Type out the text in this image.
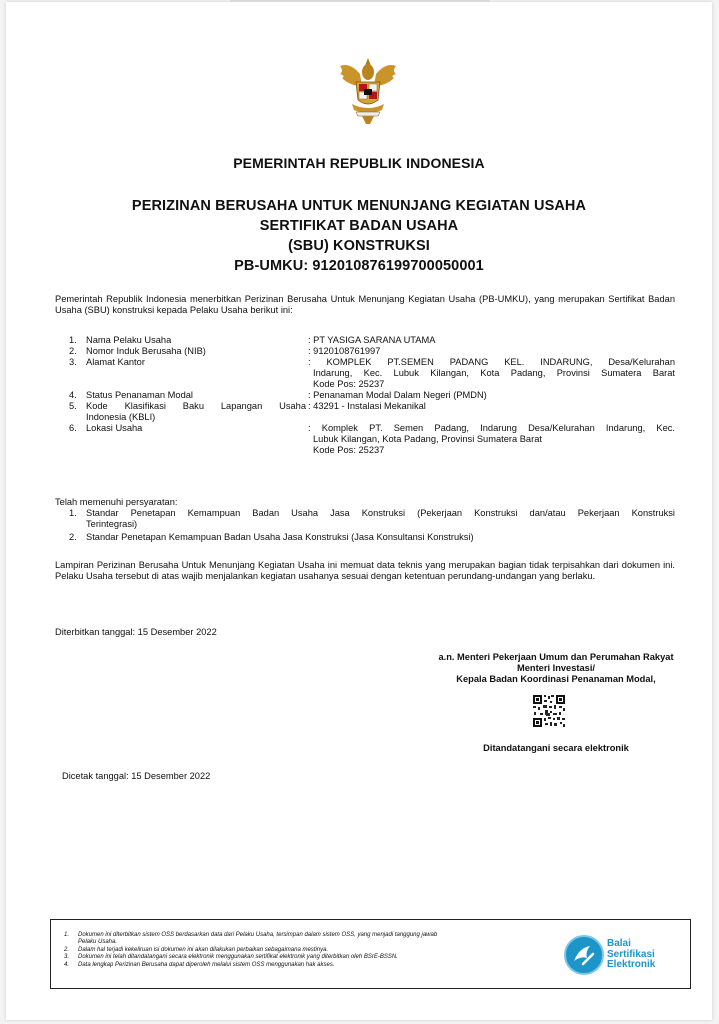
PEMERINTAH REPUBLIK INDONESIA
PERIZINAN BERUSAHA UNTUK MENUNJANG KEGIATAN USAHA
SERTIFIKAT BADAN USAHA
(SBU) KONSTRUKSI
PB-UMKU: 912010876199700050001
Pemerintah Republik Indonesia menerbitkan Perizinan Berusaha Untuk Menunjang Kegiatan Usaha (PB-UMKU), yang merupakan Sertifikat Badan Usaha (SBU) konstruksi kepada Pelaku Usaha berikut ini:
1. Nama Pelaku Usaha	: PT YASIGA SARANA UTAMA
2. Nomor Induk Berusaha (NIB)	: 9120108761997
3. Alamat Kantor	: KOMPLEK PT.SEMEN PADANG KEL. INDARUNG, Desa/Kelurahan
Indarung, Kec. Lubuk Kilangan, Kota Padang, Provinsi Sumatera Barat
Kode Pos: 25237
4. Status Penanaman Modal	: Penanaman Modal Dalam Negeri (PMDN)
5. Kode Klasifikasi Baku Lapangan Usaha : 43291 - Instalasi Mekanikal
Indonesia (KBLI)
6. Lokasi Usaha	: Komplek PT. Semen Padang, Indarung Desa/Kelurahan Indarung, Kec.
Lubuk Kilangan, Kota Padang, Provinsi Sumatera Barat
Kode Pos: 25237
Telah memenuhi persyaratan:
1. Standar Penetapan Kemampuan Badan Usaha Jasa Konstruksi (Pekerjaan Konstruksi dan/atau Pekerjaan Konstruksi
Terintegrasi)
2. Standar Penetapan Kemampuan Badan Usaha Jasa Konstruksi (Jasa Konsultansi Konstruksi)
Lampiran Perizinan Berusaha Untuk Menunjang Kegiatan Usaha ini memuat data teknis yang merupakan bagian tidak terpisahkan dari dokumen ini. Pelaku Usaha tersebut di atas wajib menjalankan kegiatan usahanya sesuai dengan ketentuan perundang-undangan yang berlaku.
Diterbitkan tanggal: 15 Desember 2022
a.n. Menteri Pekerjaan Umum dan Perumahan Rakyat
Menteri Investasi/
Kepala Badan Koordinasi Penanaman Modal,
Ditandatangani secara elektronik
Dicetak tanggal: 15 Desember 2022
1. Dokumen ini diterbitkan sistem OSS berdasarkan data dari Pelaku Usaha, tersimpan dalam sistem OSS, yang menjadi tanggung jawab
Pelaku Usaha.
2. Dalam hal terjadi kekeliruan isi dokumen ini akan dilakukan perbaikan sebagaimana mestinya.
3. Dokumen ini telah ditandatangani secara elektronik menggunakan sertifikat elektronik yang diterbitkan oleh BSrE-BSSN.
4. Data lengkap Perizinan Berusaha dapat diperoleh melalui sistem OSS menggunakan hak akses.
Balai
Sertifikasi
Elektronik
